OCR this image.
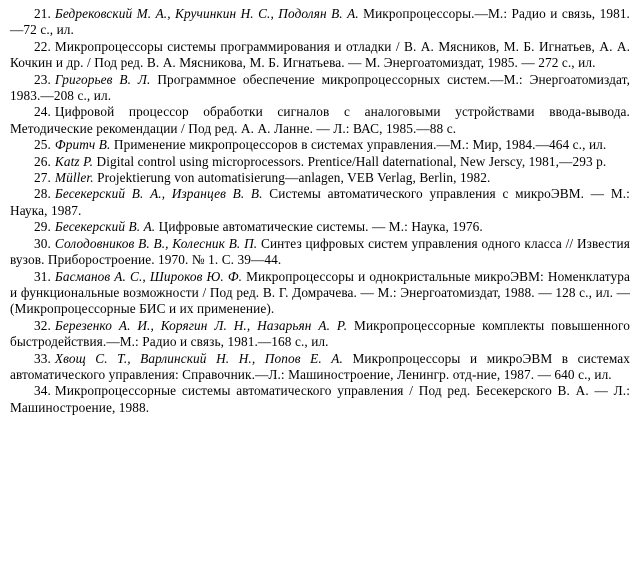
21. Бедрековский М. А., Кручинкин Н. С., Подолян В. А. Микропроцессоры.—М.: Радио и связь, 1981. —72 с., ил.

22. Микропроцессоры системы программирования и отладки / В. А. Мясников, М. Б. Игнатьев, А. А. Кочкин и др. / Под ред. В. А. Мясникова, М. Б. Игнатьева. — М. Энергоатомиздат, 1985. — 272 с., ил.

23. Григорьев В. Л. Программное обеспечение микропроцессорных систем.—М.: Энергоатомиздат, 1983.—208 с., ил.

24. Цифровой процессор обработки сигналов с аналоговыми устройствами ввода-вывода. Методические рекомендации / Под ред. А. А. Ланне. — Л.: ВАС, 1985.—88 с.

25. Фритч В. Применение микропроцессоров в системах управления.—М.: Мир, 1984.—464 с., ил.

26. Katz P. Digital control using microprocessors. Prentice/Hall daternational, New Jerscy, 1981,—293 p.

27. Müller. Projektierung von automatisierung—anlagen, VEB Verlag, Berlin, 1982.

28. Бесекерский В. А., Изранцев В. В. Системы автоматического управления с микроЭВМ. — М.: Наука, 1987.

29. Бесекерский В. А. Цифровые автоматические системы. — М.: Наука, 1976.

30. Солодовников В. В., Колесник В. П. Синтез цифровых систем управления одного класса // Известия вузов. Приборостроение. 1970. № 1. С. 39—44.

31. Басманов А. С., Широков Ю. Ф. Микропроцессоры и однокристальные микроЭВМ: Номенклатура и функциональные возможности / Под ред. В. Г. Домрачева. — М.: Энергоатомиздат, 1988. — 128 с., ил. — (Микропроцессорные БИС и их применение).

32. Березенко А. И., Корягин Л. Н., Назарьян А. Р. Микропроцессорные комплекты повышенного быстродействия.—М.: Радио и связь, 1981.—168 с., ил.

33. Хвощ С. Т., Варлинский Н. Н., Попов Е. А. Микропроцессоры и микроЭВМ в системах автоматического управления: Справочник.—Л.: Машиностроение, Ленингр. отд-ние, 1987. — 640 с., ил.

34. Микропроцессорные системы автоматического управления / Под ред. Бесекерского В. А. — Л.: Машиностроение, 1988.
